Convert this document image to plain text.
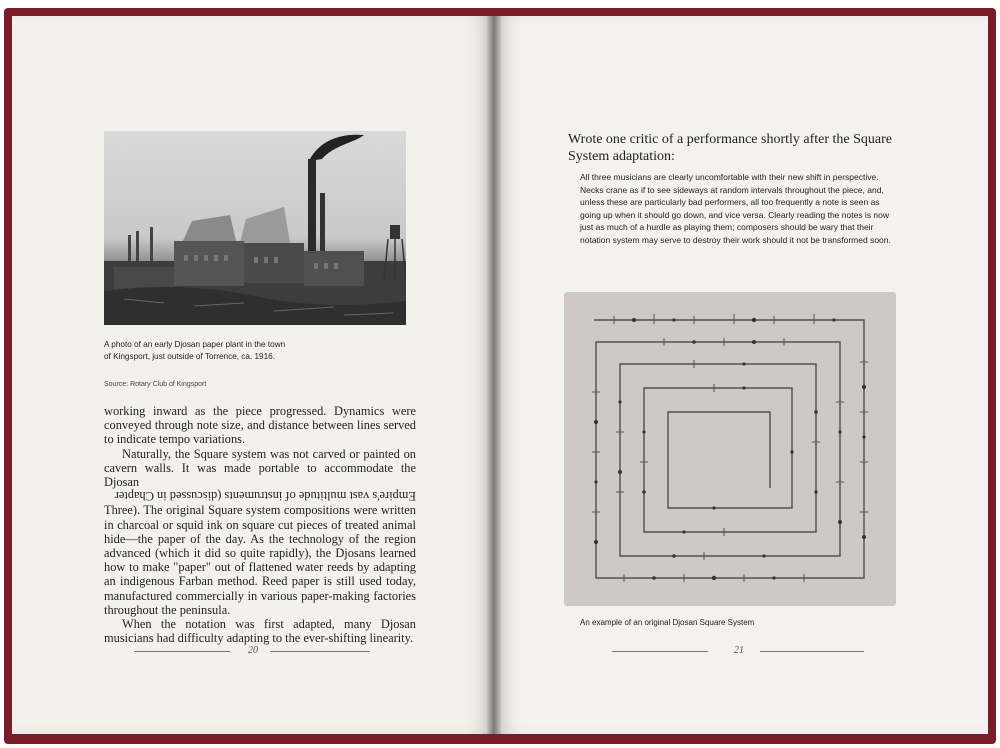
A photo of an early Djosan paper plant in the town of Kingsport, just outside of Torrence, ca. 1916.

Source: Rotary Club of Kingsport

working inward as the piece progressed. Dynamics were conveyed through note size, and distance between lines served to indicate tempo variations.

Naturally, the Square system was not carved or painted on cavern walls. It was made portable to accommodate the Djosan

Empire's vast multitude of instruments (discussed in Chapter

Three). The original Square system compositions were written in charcoal or squid ink on square cut pieces of treated animal hide—the paper of the day. As the technology of the region advanced (which it did so quite rapidly), the Djosans learned how to make "paper" out of flattened water reeds by adapting an indigenous Farban method. Reed paper is still used today, manufactured commercially in various paper-making factories throughout the peninsula.

When the notation was first adapted, many Djosan musicians had difficulty adapting to the ever-shifting linearity.

20

Wrote one critic of a performance shortly after the Square System adaptation:

All three musicians are clearly uncomfortable with their new shift in perspective. Necks crane as if to see sideways at random intervals throughout the piece, and, unless these are particularly bad performers, all too frequently a note is seen as going up when it should go down, and vice versa. Clearly reading the notes is now just as much of a hurdle as playing them; composers should be wary that their notation system may serve to destroy their work should it not be transformed soon.

An example of an original Djosan Square System

21
